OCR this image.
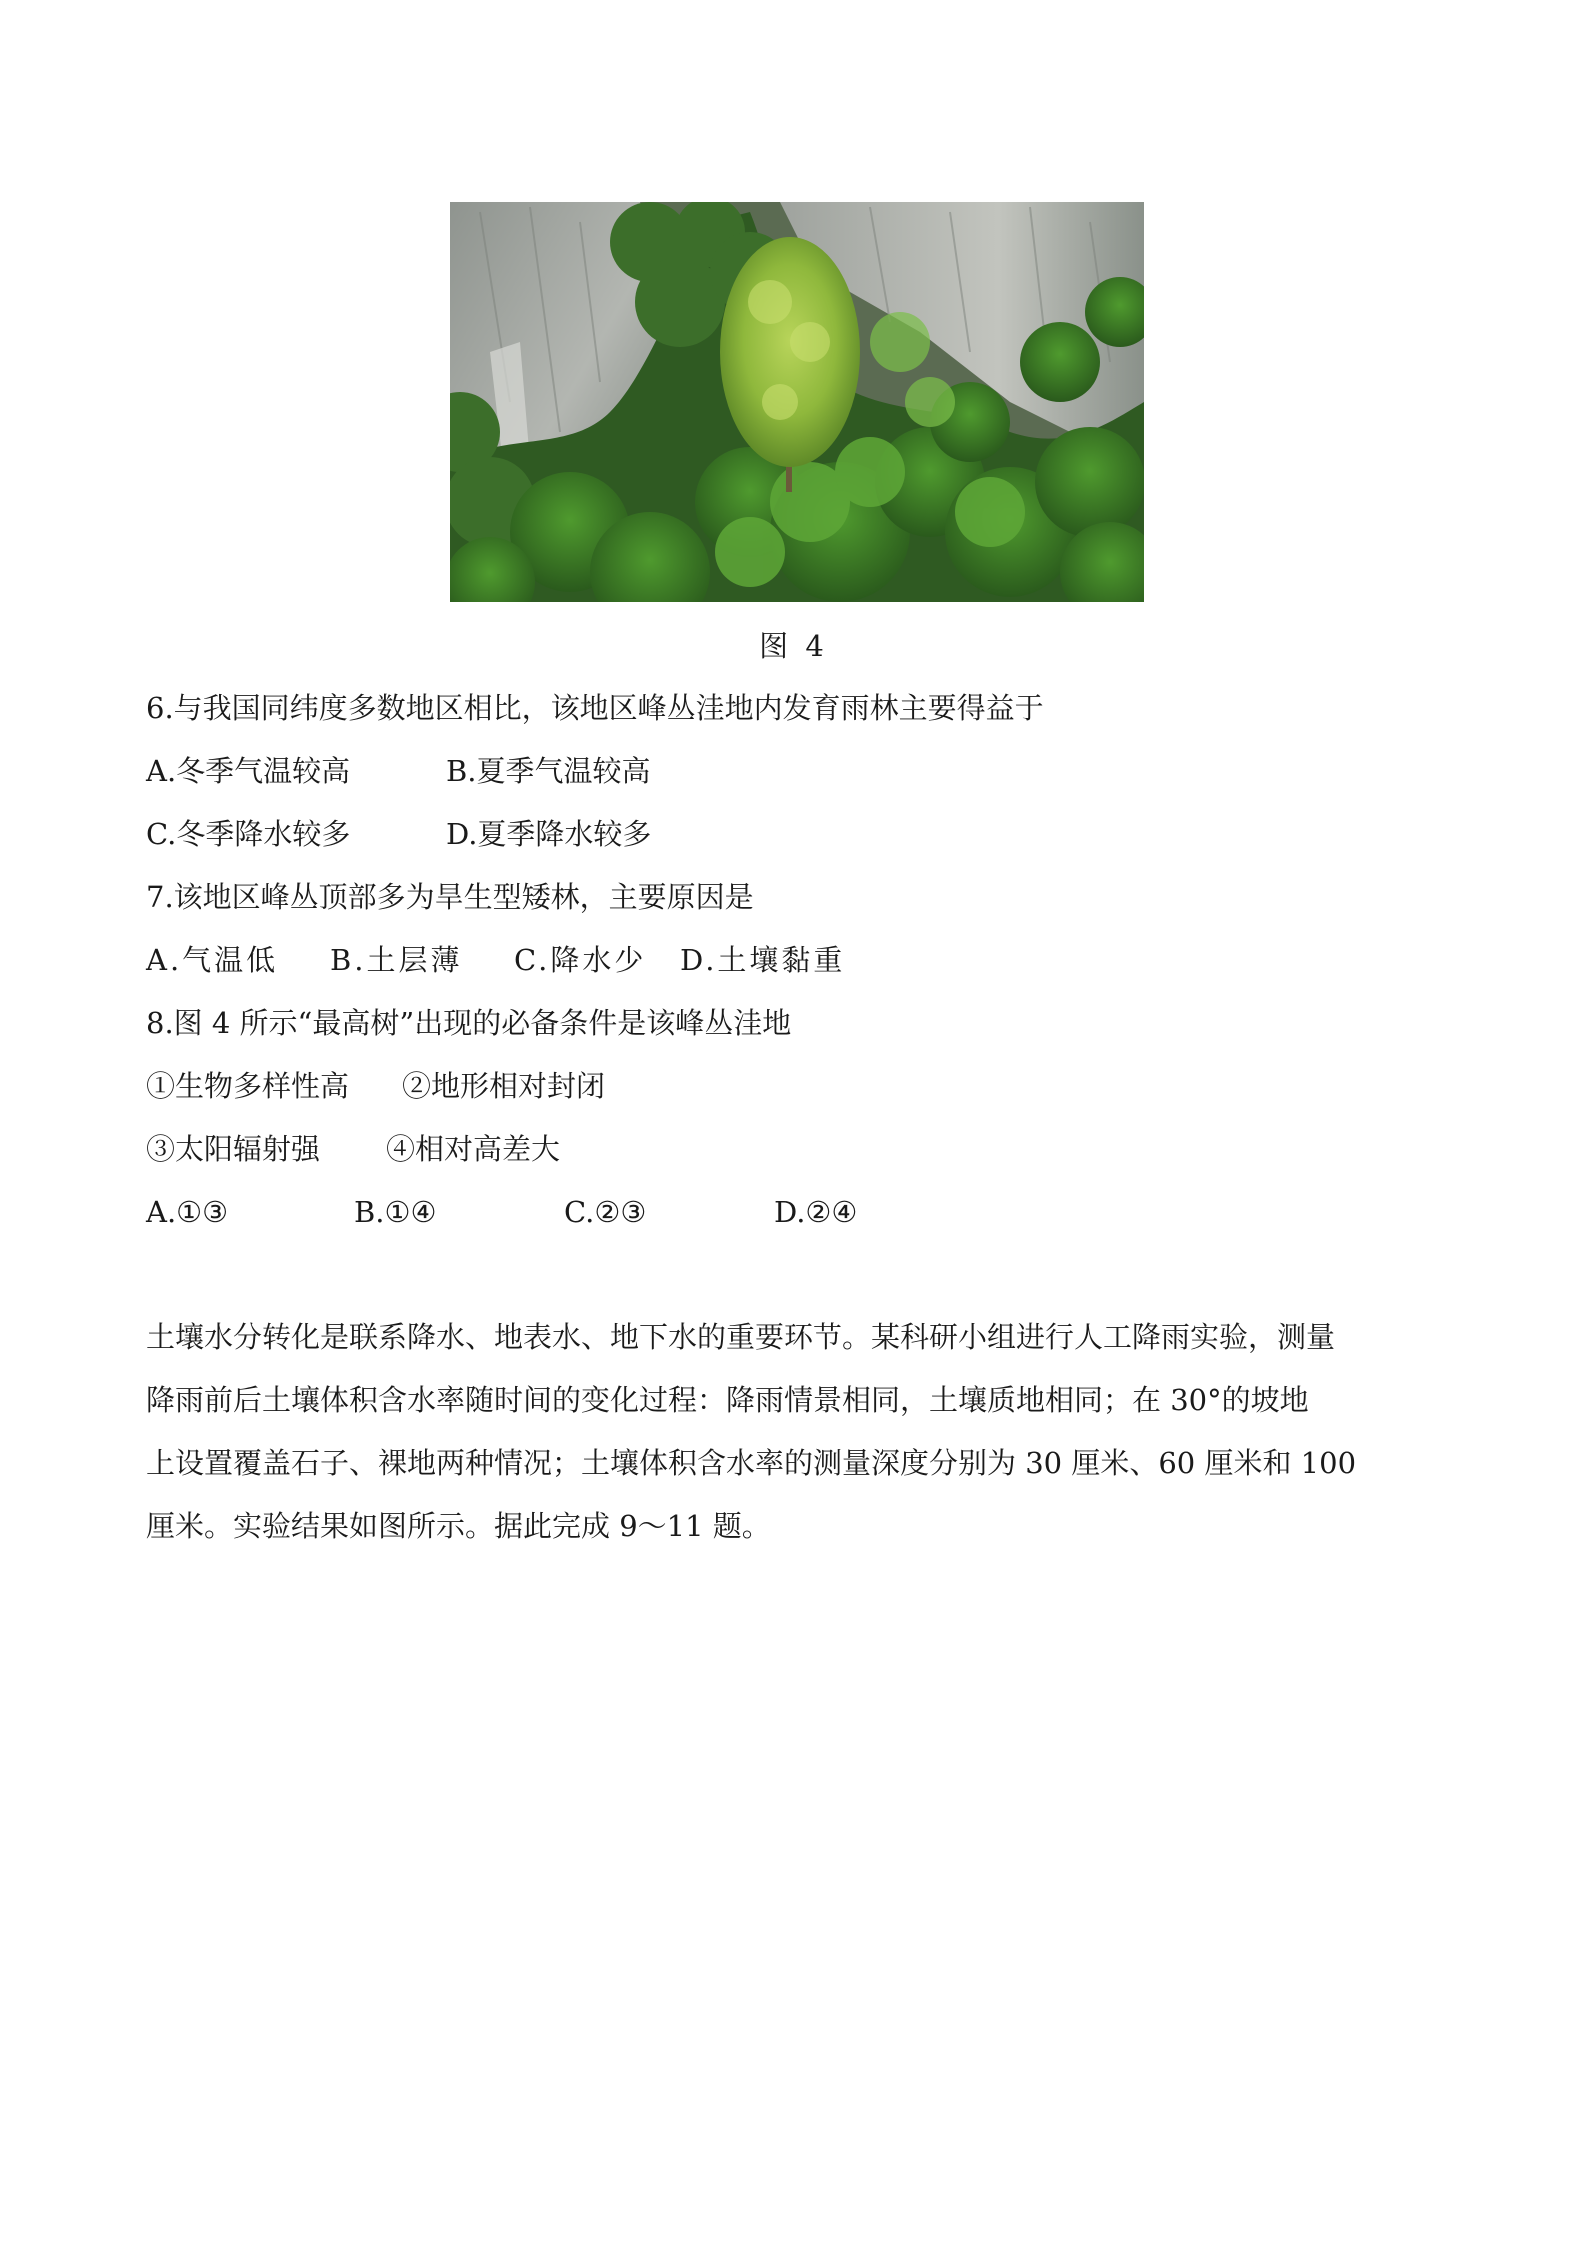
图 4
6.与我国同纬度多数地区相比，该地区峰丛洼地内发育雨林主要得益于
A.冬季气温较高	B.夏季气温较高
C.冬季降水较多	D.夏季降水较多
7.该地区峰丛顶部多为旱生型矮林，主要原因是
A.气温低 B.土层薄 C.降水少 D.土壤黏重
8.图 4 所示“最高树”出现的必备条件是该峰丛洼地
①生物多样性高 ②地形相对封闭
③太阳辐射强 ④相对高差大
A.①③	B.①④	C.②③	D.②④
土壤水分转化是联系降水、地表水、地下水的重要环节。某科研小组进行人工降雨实验，测量
降雨前后土壤体积含水率随时间的变化过程：降雨情景相同，土壤质地相同；在 30°的坡地
上设置覆盖石子、裸地两种情况；土壤体积含水率的测量深度分别为 30 厘米、60 厘米和 100
厘米。实验结果如图所示。据此完成 9～11 题。
